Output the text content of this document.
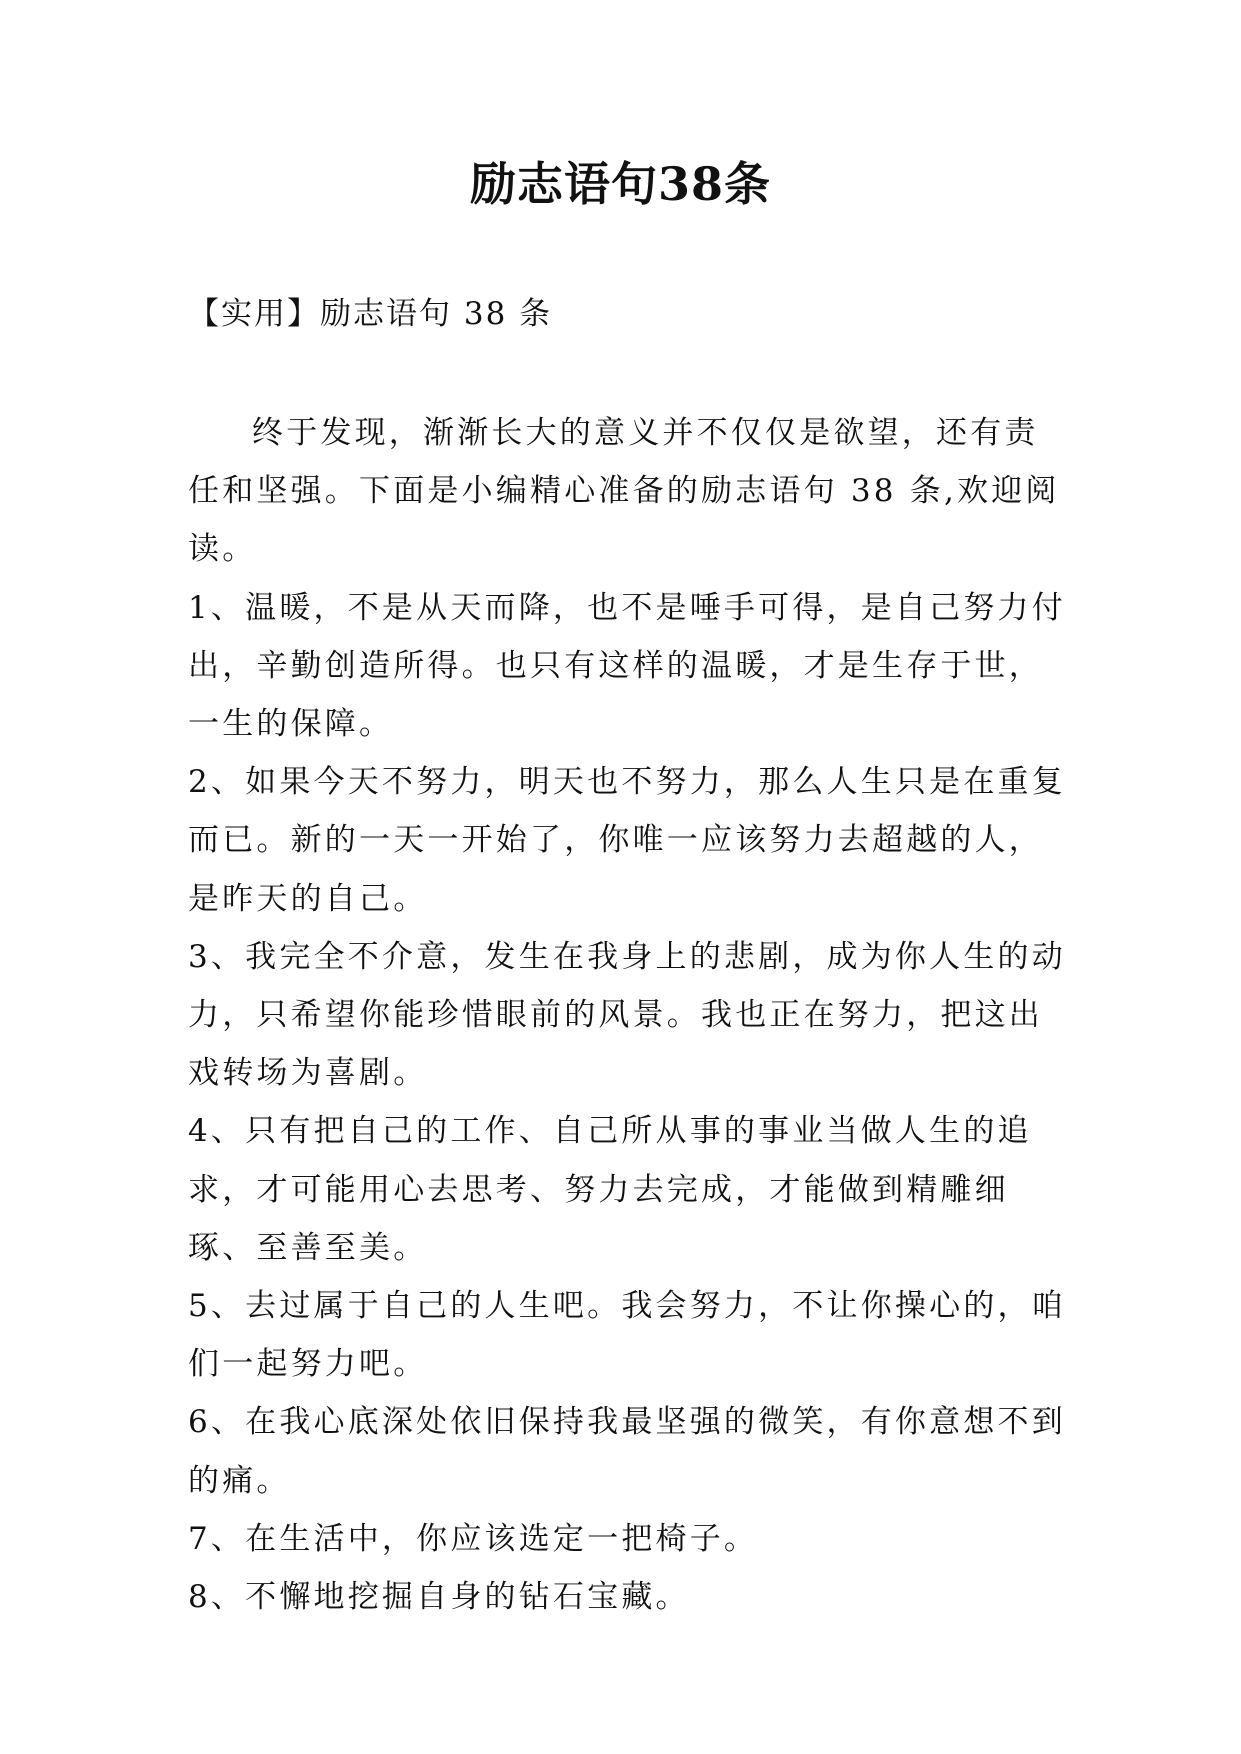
励志语句38条

【实用】励志语句 38 条

终于发现，渐渐长大的意义并不仅仅是欲望，还有责任和坚强。下面是小编精心准备的励志语句 38 条,欢迎阅读。

1、温暖，不是从天而降，也不是唾手可得，是自己努力付出，辛勤创造所得。也只有这样的温暖，才是生存于世，一生的保障。

2、如果今天不努力，明天也不努力，那么人生只是在重复而已。新的一天一开始了，你唯一应该努力去超越的人，是昨天的自己。

3、我完全不介意，发生在我身上的悲剧，成为你人生的动力，只希望你能珍惜眼前的风景。我也正在努力，把这出戏转场为喜剧。

4、只有把自己的工作、自己所从事的事业当做人生的追求，才可能用心去思考、努力去完成，才能做到精雕细琢、至善至美。

5、去过属于自己的人生吧。我会努力，不让你操心的，咱们一起努力吧。

6、在我心底深处依旧保持我最坚强的微笑，有你意想不到的痛。

7、在生活中，你应该选定一把椅子。

8、不懈地挖掘自身的钻石宝藏。
